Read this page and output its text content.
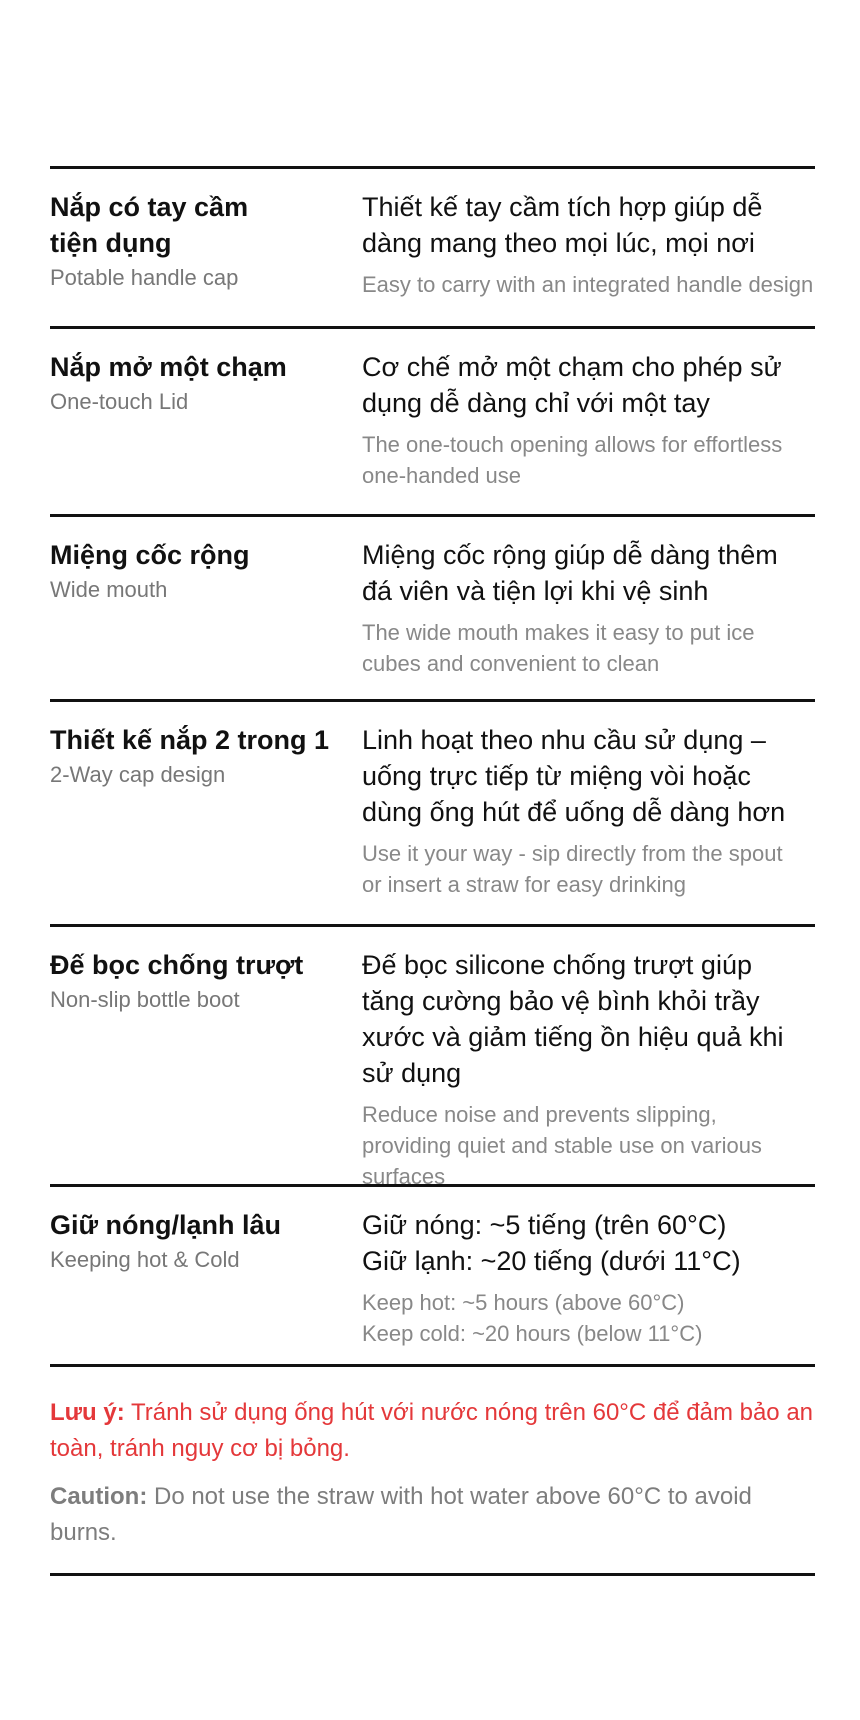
Nắp có tay cầm tiện dụng
Potable handle cap
Thiết kế tay cầm tích hợp giúp dễ dàng mang theo mọi lúc, mọi nơi
Easy to carry with an integrated handle design
Nắp mở một chạm
One-touch Lid
Cơ chế mở một chạm cho phép sử dụng dễ dàng chỉ với một tay
The one-touch opening allows for effortless one-handed use
Miệng cốc rộng
Wide mouth
Miệng cốc rộng giúp dễ dàng thêm đá viên và tiện lợi khi vệ sinh
The wide mouth makes it easy to put ice cubes and convenient to clean
Thiết kế nắp 2 trong 1
2-Way cap design
Linh hoạt theo nhu cầu sử dụng – uống trực tiếp từ miệng vòi hoặc dùng ống hút để uống dễ dàng hơn
Use it your way - sip directly from the spout or insert a straw for easy drinking
Đế bọc chống trượt
Non-slip bottle boot
Đế bọc silicone chống trượt giúp tăng cường bảo vệ bình khỏi trầy xước và giảm tiếng ồn hiệu quả khi sử dụng
Reduce noise and prevents slipping, providing quiet and stable use on various surfaces
Giữ nóng/lạnh lâu
Keeping hot & Cold
Giữ nóng: ~5 tiếng (trên 60°C)
Giữ lạnh: ~20 tiếng (dưới 11°C)
Keep hot: ~5 hours (above 60°C)
Keep cold: ~20 hours (below 11°C)
Lưu ý: Tránh sử dụng ống hút với nước nóng trên 60°C để đảm bảo an toàn, tránh nguy cơ bị bỏng.
Caution: Do not use the straw with hot water above 60°C to avoid burns.
